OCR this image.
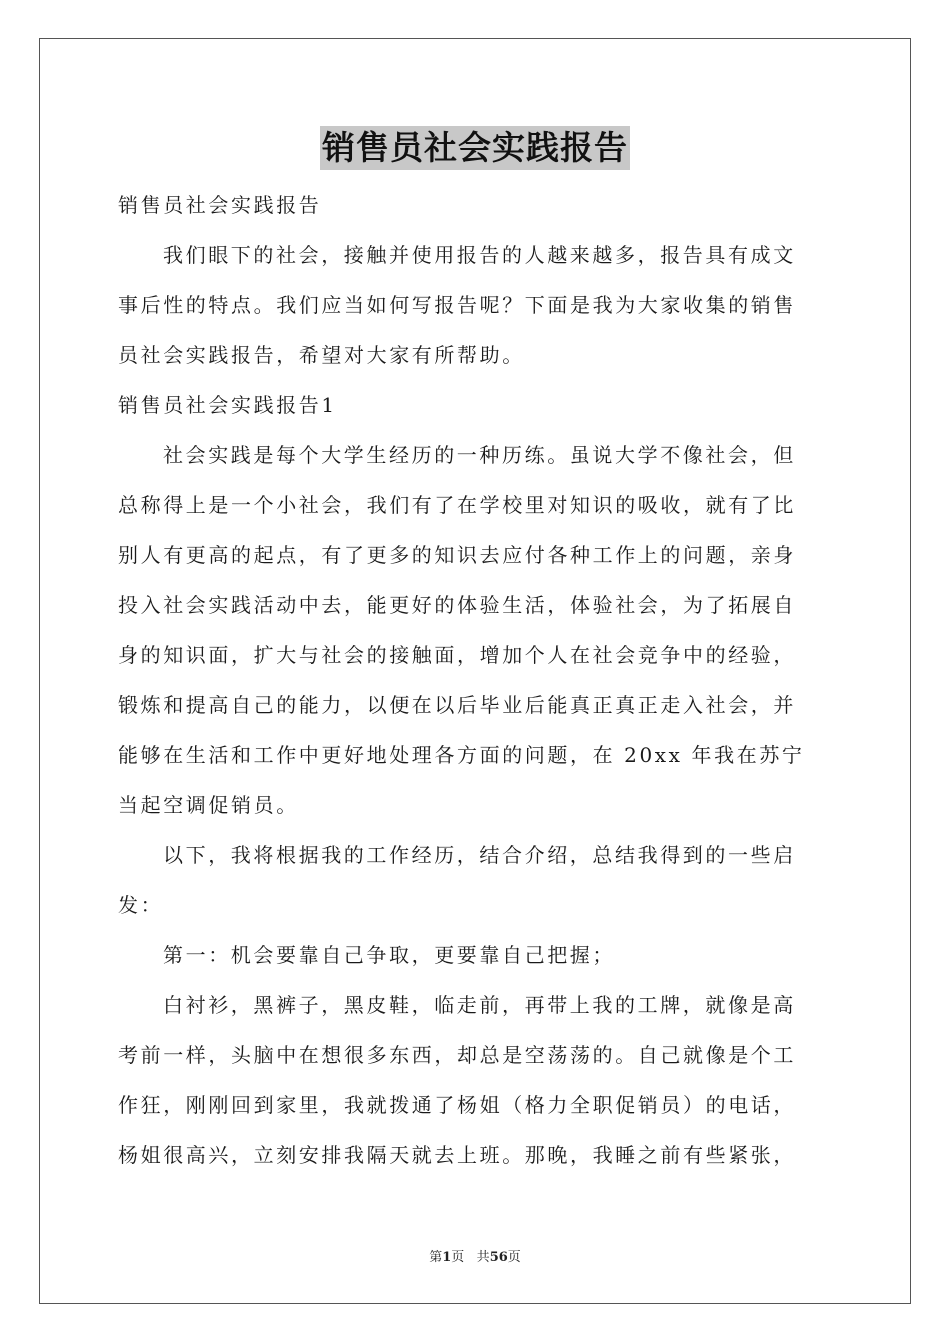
销售员社会实践报告

销售员社会实践报告

我们眼下的社会，接触并使用报告的人越来越多，报告具有成文

事后性的特点。我们应当如何写报告呢？下面是我为大家收集的销售

员社会实践报告，希望对大家有所帮助。

销售员社会实践报告1

社会实践是每个大学生经历的一种历练。虽说大学不像社会，但

总称得上是一个小社会，我们有了在学校里对知识的吸收，就有了比

别人有更高的起点，有了更多的知识去应付各种工作上的问题，亲身

投入社会实践活动中去，能更好的体验生活，体验社会，为了拓展自

身的知识面，扩大与社会的接触面，增加个人在社会竞争中的经验，

锻炼和提高自己的能力，以便在以后毕业后能真正真正走入社会，并

能够在生活和工作中更好地处理各方面的问题，在 20xx 年我在苏宁

当起空调促销员。

以下，我将根据我的工作经历，结合介绍，总结我得到的一些启

发：

第一：机会要靠自己争取，更要靠自己把握；

白衬衫，黑裤子，黑皮鞋，临走前，再带上我的工牌，就像是高

考前一样，头脑中在想很多东西，却总是空荡荡的。自己就像是个工

作狂，刚刚回到家里，我就拨通了杨姐（格力全职促销员）的电话，

杨姐很高兴，立刻安排我隔天就去上班。那晚，我睡之前有些紧张，

第1页 共56页
